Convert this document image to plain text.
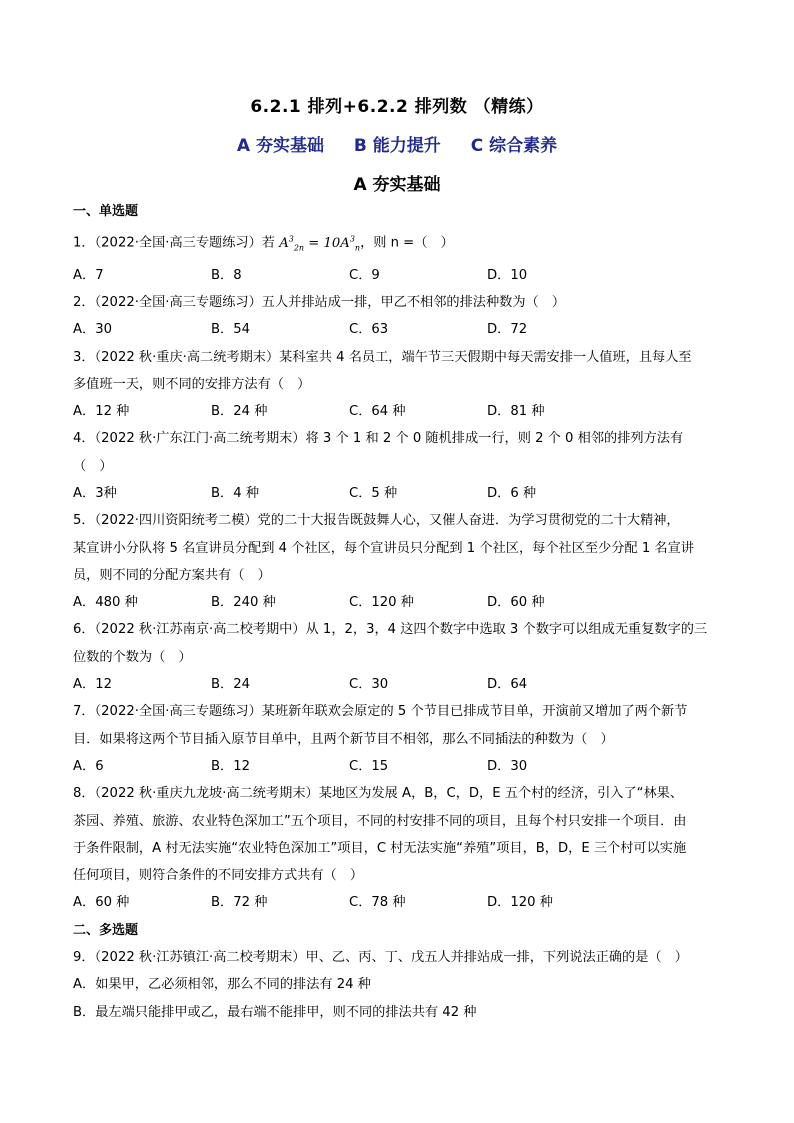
6.2.1 排列+6.2.2 排列数 （精练）
A 夯实基础 B 能力提升 C 综合素养
A 夯实基础
一、单选题
1．（2022·全国·高三专题练习）若 $A^3_{2n} = 10A^3_n$，则 n =（　）
A．7	B．8	C．9	D．10
2．（2022·全国·高三专题练习）五人并排站成一排，甲乙不相邻的排法种数为（　）
A．30	B．54	C．63	D．72
3．（2022 秋·重庆·高二统考期末）某科室共 4 名员工，端午节三天假期中每天需安排一人值班，且每人至
多值班一天，则不同的安排方法有（　）
A．12 种	B．24 种	C．64 种	D．81 种
4．（2022 秋·广东江门·高二统考期末）将 3 个 1 和 2 个 0 随机排成一行，则 2 个 0 相邻的排列方法有
（　）
A．3种	B．4 种	C．5 种	D．6 种
5．（2022·四川资阳统考二模）党的二十大报告既鼓舞人心，又催人奋进．为学习贯彻党的二十大精神，
某宣讲小分队将 5 名宣讲员分配到 4 个社区，每个宣讲员只分配到 1 个社区，每个社区至少分配 1 名宣讲
员，则不同的分配方案共有（　）
A．480 种	B．240 种	C．120 种	D．60 种
6．（2022 秋·江苏南京·高二校考期中）从 1，2，3，4 这四个数字中选取 3 个数字可以组成无重复数字的三
位数的个数为（　）
A．12	B．24	C．30	D．64
7．（2022·全国·高三专题练习）某班新年联欢会原定的 5 个节目已排成节目单，开演前又增加了两个新节
目．如果将这两个节目插入原节目单中，且两个新节目不相邻，那么不同插法的种数为（　）
A．6	B．12	C．15	D．30
8．（2022 秋·重庆九龙坡·高二统考期末）某地区为发展 A，B，C，D，E 五个村的经济，引入了“林果、
茶园、养殖、旅游、农业特色深加工”五个项目，不同的村安排不同的项目，且每个村只安排一个项目．由
于条件限制，A 村无法实施“农业特色深加工”项目，C 村无法实施“养殖”项目，B，D，E 三个村可以实施
任何项目，则符合条件的不同安排方式共有（　）
A．60 种	B．72 种	C．78 种	D．120 种
二、多选题
9．（2022 秋·江苏镇江·高二校考期末）甲、乙、丙、丁、戊五人并排站成一排，下列说法正确的是（　）
A．如果甲，乙必须相邻，那么不同的排法有 24 种
B．最左端只能排甲或乙，最右端不能排甲，则不同的排法共有 42 种
